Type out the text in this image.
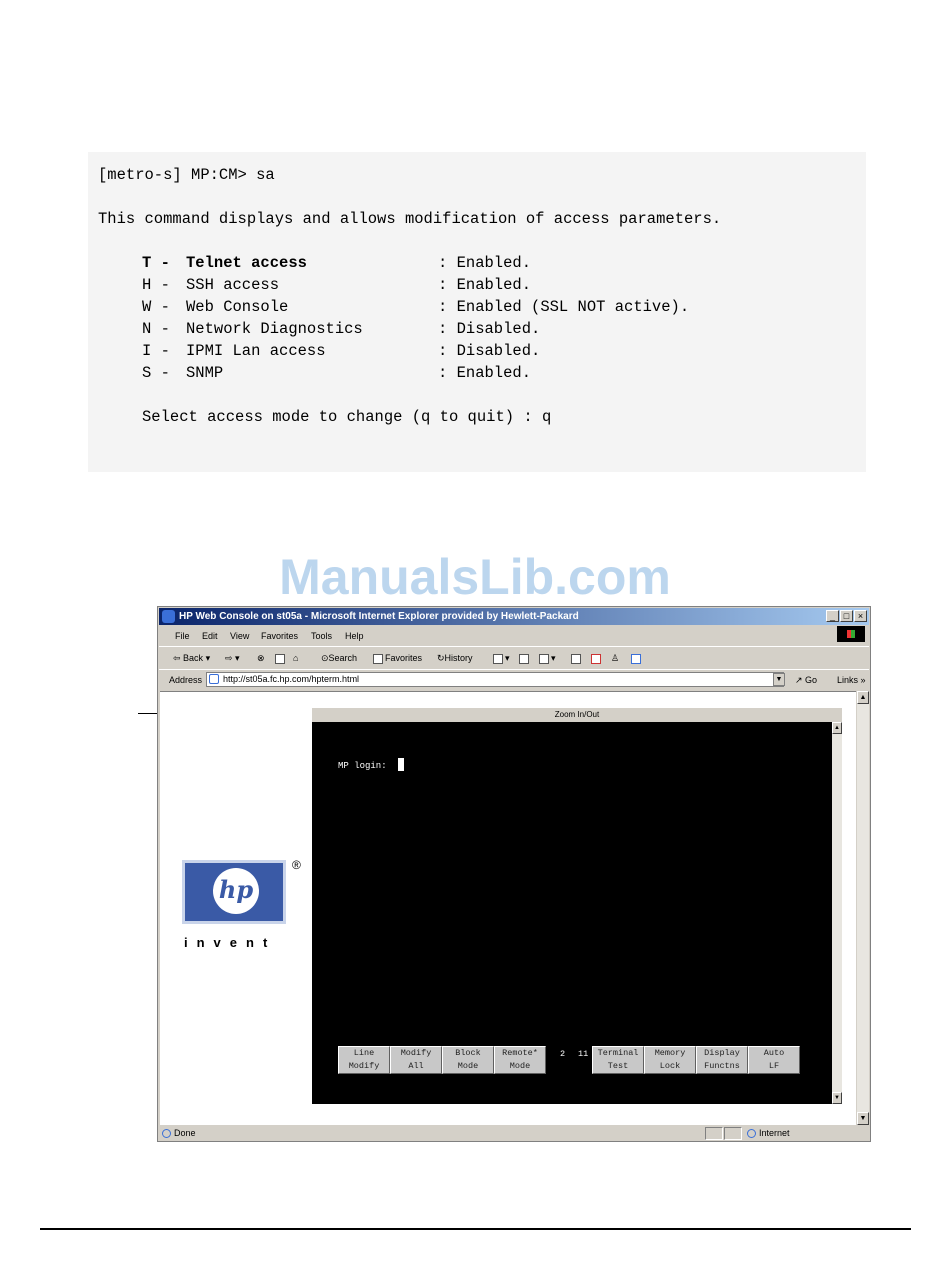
[metro-s] MP:CM> sa
This command displays and allows modification of access parameters.
T - Telnet access	: Enabled.
H - SSH access	: Enabled.
W - Web Console	: Enabled (SSL NOT active).
N - Network Diagnostics	: Disabled.
I - IPMI Lan access	: Disabled.
S - SNMP	: Enabled.
Select access mode to change (q to quit) : q
ManualsLib.com
HP Web Console on st05a - Microsoft Internet Explorer provided by Hewlett-Packard	_ □ ×
File Edit View Favorites Tools Help
⇦ Back ▾ ⇨ ▾ ⊗	⌂	⊙Search	Favorites ↻History	▾	▾	♙
Address	http://st05a.fc.hp.com/hpterm.html	▼ ↗ Go Links »
hp
®
invent
Zoom In/Out
MP login:
▲
▼
Line
Modify
Modify
All
Block
Mode
Remote*
Mode
2 11	Terminal
Test
Memory
Lock
Display
Functns
Auto
LF
▲
▼
Done	Internet
